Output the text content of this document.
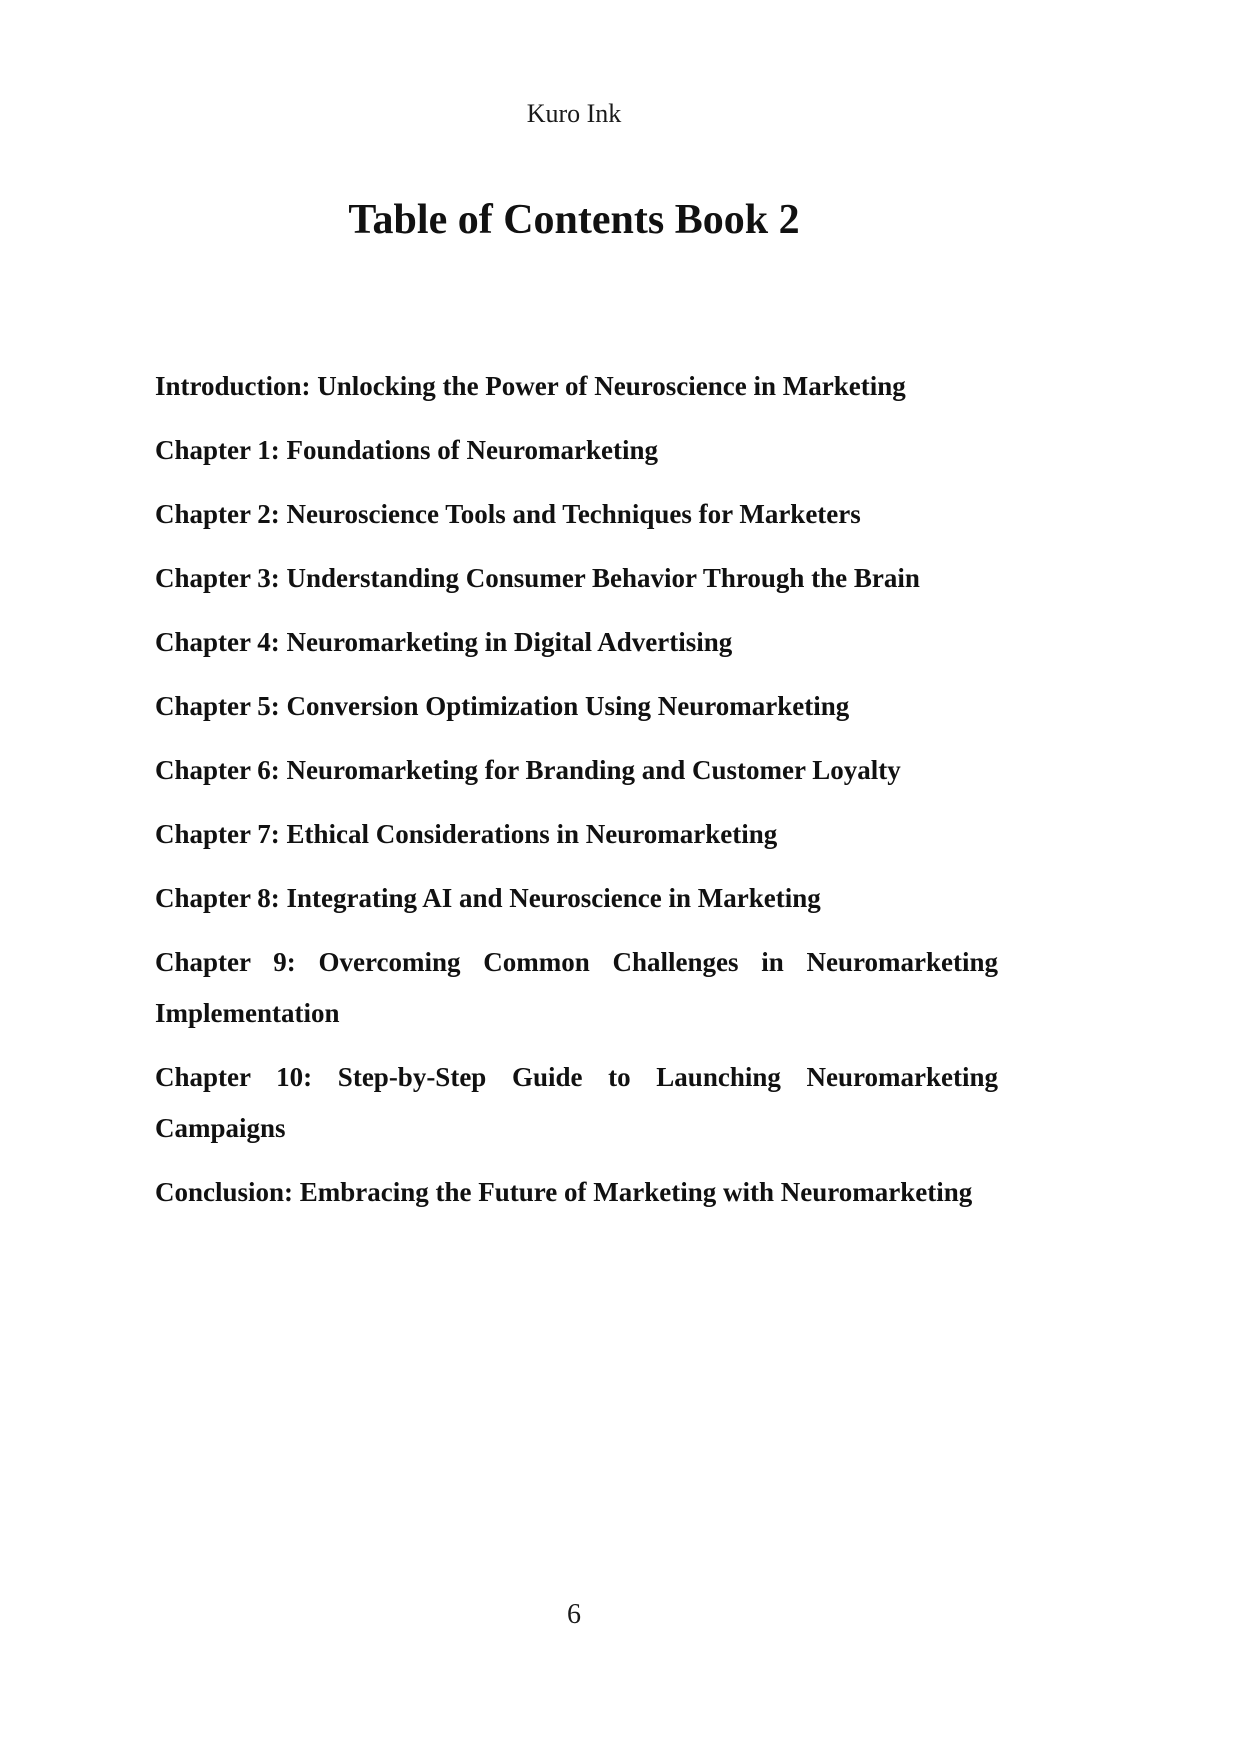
Kuro Ink
Table of Contents Book 2
Introduction: Unlocking the Power of Neuroscience in Marketing
Chapter 1: Foundations of Neuromarketing
Chapter 2: Neuroscience Tools and Techniques for Marketers
Chapter 3: Understanding Consumer Behavior Through the Brain
Chapter 4: Neuromarketing in Digital Advertising
Chapter 5: Conversion Optimization Using Neuromarketing
Chapter 6: Neuromarketing for Branding and Customer Loyalty
Chapter 7: Ethical Considerations in Neuromarketing
Chapter 8: Integrating AI and Neuroscience in Marketing
Chapter 9: Overcoming Common Challenges in Neuromarketing Implementation
Chapter 10: Step-by-Step Guide to Launching Neuromarketing Campaigns
Conclusion: Embracing the Future of Marketing with Neuromarketing
6
